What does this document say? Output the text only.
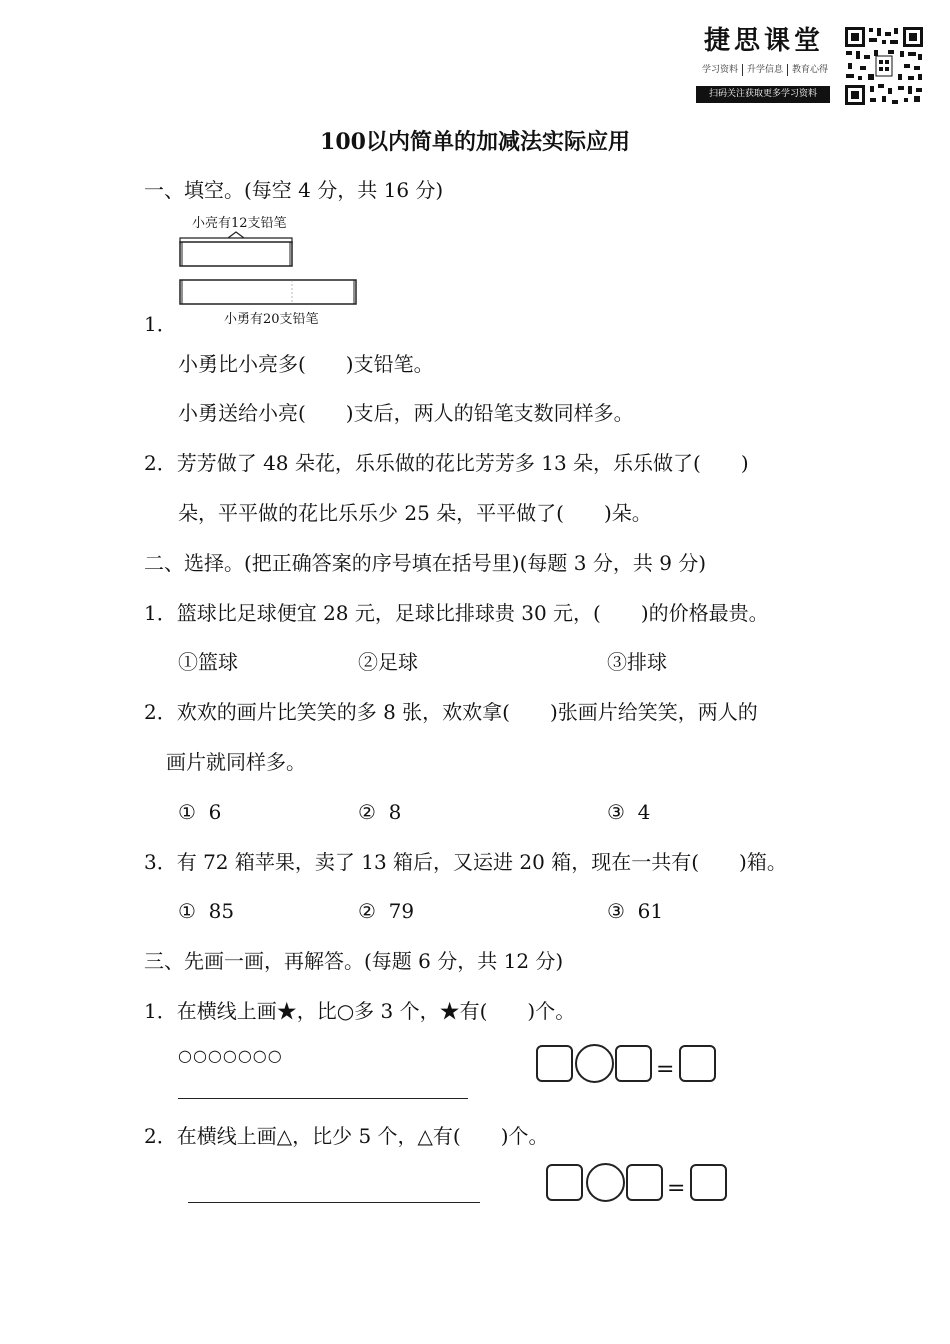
捷思课堂
学习资料 升学信息 教育心得
扫码关注获取更多学习资料
100以内简单的加减法实际应用
一、填空。(每空 4 分，共 16 分)
小亮有12支铅笔
1．	小勇有20支铅笔
小勇比小亮多(　　)支铅笔。
小勇送给小亮(　　)支后，两人的铅笔支数同样多。
2．芳芳做了 48 朵花，乐乐做的花比芳芳多 13 朵，乐乐做了(　　)
朵，平平做的花比乐乐少 25 朵，平平做了(　　)朵。
二、选择。(把正确答案的序号填在括号里)(每题 3 分，共 9 分)
1．篮球比足球便宜 28 元，足球比排球贵 30 元，(　　)的价格最贵。
①篮球	②足球	③排球
2．欢欢的画片比笑笑的多 8 张，欢欢拿(　　)张画片给笑笑，两人的
画片就同样多。
①  6	②  8	③  4
3．有 72 箱苹果，卖了 13 箱后，又运进 20 箱，现在一共有(　　)箱。
①  85	②  79	③  61
三、先画一画，再解答。(每题 6 分，共 12 分)
1．在横线上画★，比○多 3 个，★有(　　)个。
○○○○○○○
=
2．在横线上画△，比少 5 个，△有(　　)个。
=
